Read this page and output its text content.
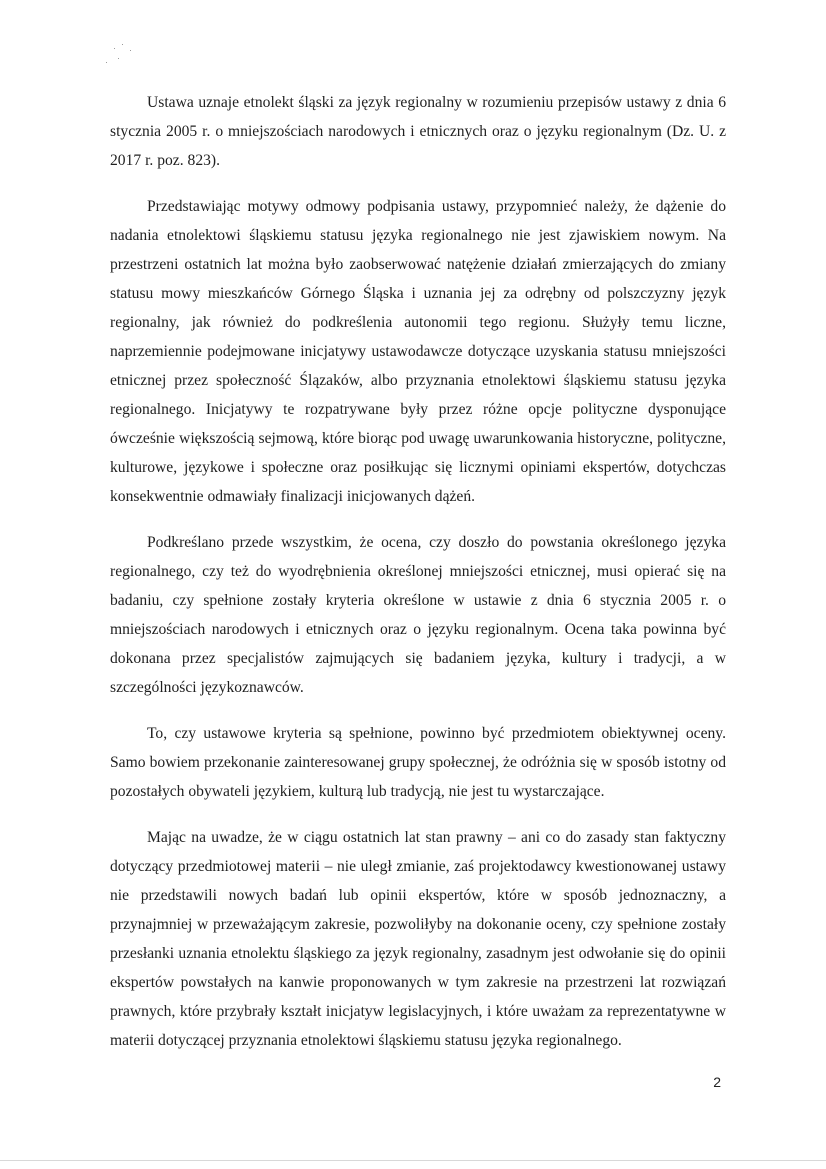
Ustawa uznaje etnolekt śląski za język regionalny w rozumieniu przepisów ustawy z dnia 6 stycznia 2005 r. o mniejszościach narodowych i etnicznych oraz o języku regionalnym (Dz. U. z 2017 r. poz. 823).

Przedstawiając motywy odmowy podpisania ustawy, przypomnieć należy, że dążenie do nadania etnolektowi śląskiemu statusu języka regionalnego nie jest zjawiskiem nowym. Na przestrzeni ostatnich lat można było zaobserwować natężenie działań zmierzających do zmiany statusu mowy mieszkańców Górnego Śląska i uznania jej za odrębny od polszczyzny język regionalny, jak również do podkreślenia autonomii tego regionu. Służyły temu liczne, naprzemiennie podejmowane inicjatywy ustawodawcze dotyczące uzyskania statusu mniejszości etnicznej przez społeczność Ślązaków, albo przyznania etnolektowi śląskiemu statusu języka regionalnego. Inicjatywy te rozpatrywane były przez różne opcje polityczne dysponujące ówcześnie większością sejmową, które biorąc pod uwagę uwarunkowania historyczne, polityczne, kulturowe, językowe i społeczne oraz posiłkując się licznymi opiniami ekspertów, dotychczas konsekwentnie odmawiały finalizacji inicjowanych dążeń.

Podkreślano przede wszystkim, że ocena, czy doszło do powstania określonego języka regionalnego, czy też do wyodrębnienia określonej mniejszości etnicznej, musi opierać się na badaniu, czy spełnione zostały kryteria określone w ustawie z dnia 6 stycznia 2005 r. o mniejszościach narodowych i etnicznych oraz o języku regionalnym. Ocena taka powinna być dokonana przez specjalistów zajmujących się badaniem języka, kultury i tradycji, a w szczególności językoznawców.

To, czy ustawowe kryteria są spełnione, powinno być przedmiotem obiektywnej oceny. Samo bowiem przekonanie zainteresowanej grupy społecznej, że odróżnia się w sposób istotny od pozostałych obywateli językiem, kulturą lub tradycją, nie jest tu wystarczające.

Mając na uwadze, że w ciągu ostatnich lat stan prawny – ani co do zasady stan faktyczny dotyczący przedmiotowej materii – nie uległ zmianie, zaś projektodawcy kwestionowanej ustawy nie przedstawili nowych badań lub opinii ekspertów, które w sposób jednoznaczny, a przynajmniej w przeważającym zakresie, pozwoliłyby na dokonanie oceny, czy spełnione zostały przesłanki uznania etnolektu śląskiego za język regionalny, zasadnym jest odwołanie się do opinii ekspertów powstałych na kanwie proponowanych w tym zakresie na przestrzeni lat rozwiązań prawnych, które przybrały kształt inicjatyw legislacyjnych, i które uważam za reprezentatywne w materii dotyczącej przyznania etnolektowi śląskiemu statusu języka regionalnego.

2
